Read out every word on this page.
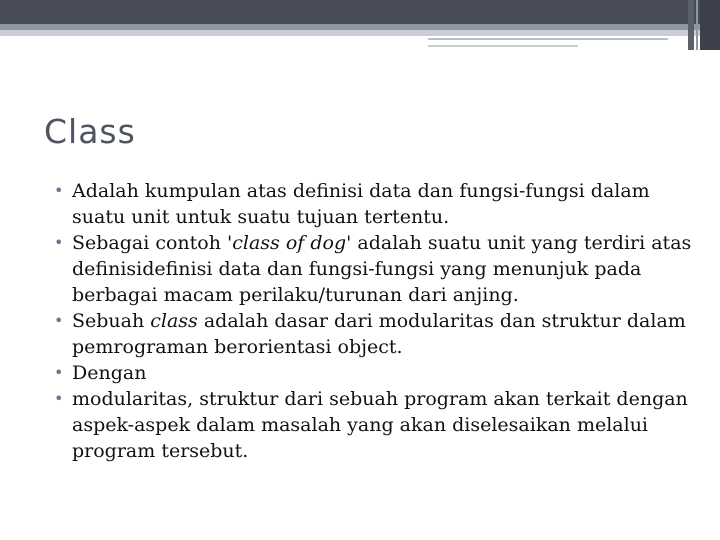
Class
• Adalah kumpulan atas definisi data dan fungsi-fungsi dalam suatu unit untuk suatu tujuan tertentu.
• Sebagai contoh 'class of dog' adalah suatu unit yang terdiri atas definisidefinisi data dan fungsi-fungsi yang menunjuk pada berbagai macam perilaku/turunan dari anjing.
• Sebuah class adalah dasar dari modularitas dan struktur dalam pemrograman berorientasi object.
• Dengan
• modularitas, struktur dari sebuah program akan terkait dengan aspek-aspek dalam masalah yang akan diselesaikan melalui program tersebut.
